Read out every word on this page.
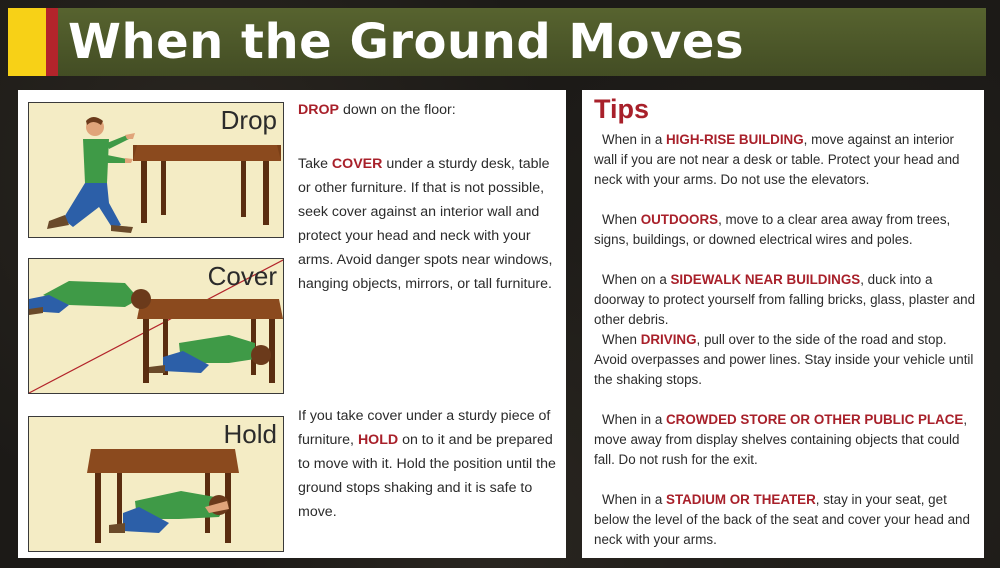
When the Ground Moves
Drop
Cover
Hold

DROP down on the floor:

Take COVER under a sturdy desk, table or other furniture. If that is not possible, seek cover against an interior wall and protect your head and neck with your arms. Avoid danger spots near windows, hanging objects, mirrors, or tall furniture.

If you take cover under a sturdy piece of furniture, HOLD on to it and be prepared to move with it. Hold the position until the ground stops shaking and it is safe to move.

Tips

When in a HIGH-RISE BUILDING, move against an interior wall if you are not near a desk or table. Protect your head and neck with your arms. Do not use the elevators.

When OUTDOORS, move to a clear area away from trees, signs, buildings, or downed electrical wires and poles.

When on a SIDEWALK NEAR BUILDINGS, duck into a doorway to protect yourself from falling bricks, glass, plaster and other debris.

When DRIVING, pull over to the side of the road and stop. Avoid overpasses and power lines. Stay inside your vehicle until the shaking stops.

When in a CROWDED STORE OR OTHER PUBLIC PLACE, move away from display shelves containing objects that could fall. Do not rush for the exit.

When in a STADIUM OR THEATER, stay in your seat, get below the level of the back of the seat and cover your head and neck with your arms.
